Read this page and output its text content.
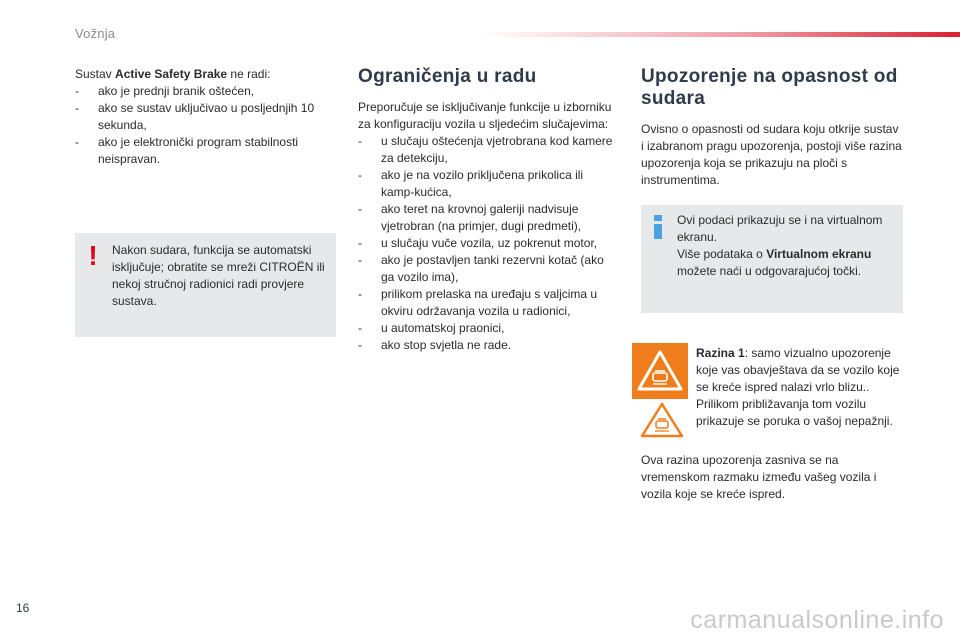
Vožnja

Sustav Active Safety Brake ne radi:

- ako je prednji branik oštećen,
- ako se sustav uključivao u posljednjih 10 sekunda,
- ako je elektronički program stabilnosti neispravan.
! Nakon sudara, funkcija se automatski isključuje; obratite se mreži CITROËN ili nekoj stručnoj radionici radi provjere sustava.
Ograničenja u radu

Preporučuje se isključivanje funkcije u izborniku za konfiguraciju vozila u sljedećim slučajevima:

- u slučaju oštećenja vjetrobrana kod kamere za detekciju,
- ako je na vozilo priključena prikolica ili kamp-kućica,
- ako teret na krovnoj galeriji nadvisuje vjetrobran (na primjer, dugi predmeti),
- u slučaju vuče vozila, uz pokrenut motor,
- ako je postavljen tanki rezervni kotač (ako ga vozilo ima),
- prilikom prelaska na uređaju s valjcima u okviru održavanja vozila u radionici,
- u automatskoj praonici,
- ako stop svjetla ne rade.
Upozorenje na opasnost od sudara

Ovisno o opasnosti od sudara koju otkrije sustav i izabranom pragu upozorenja, postoji više razina upozorenja koja se prikazuju na ploči s instrumentima.

Ovi podaci prikazuju se i na virtualnom ekranu.
Više podataka o Virtualnom ekranu možete naći u odgovarajućoj točki.
Razina 1: samo vizualno upozorenje koje vas obavještava da se vozilo koje se kreće ispred nalazi vrlo blizu.. Prilikom približavanja tom vozilu prikazuje se poruka o vašoj nepažnji.
Ova razina upozorenja zasniva se na vremenskom razmaku između vašeg vozila i vozila koje se kreće ispred.
16	carmanualsonline.info
